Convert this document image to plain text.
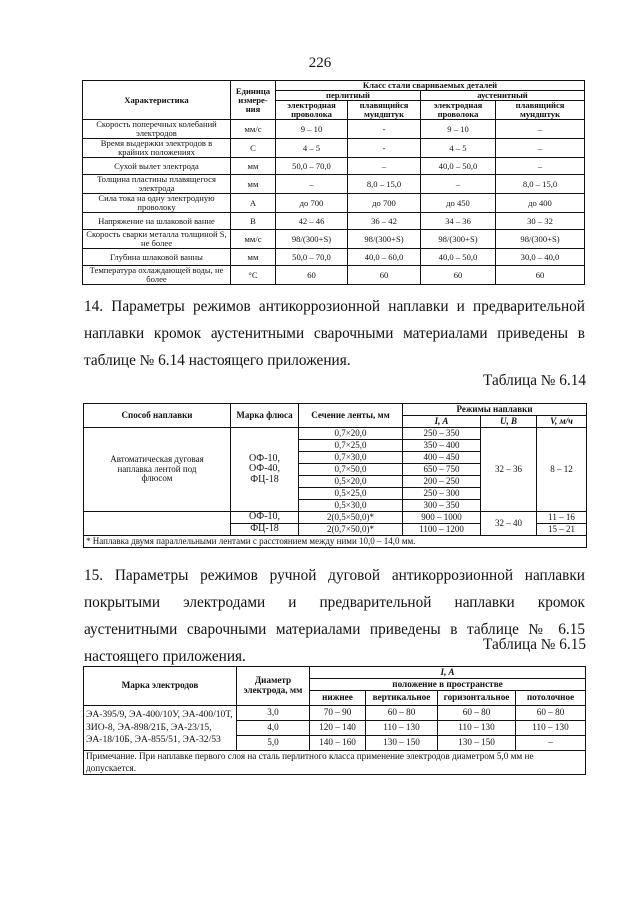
226
Характеристика	Единица измере-ния	Класс стали свариваемых деталей			
		перлитный		аустенитный	
		электродная проволока	плавящийся мундштук	электродная проволока	плавящийся мундштук
Скорость поперечных колебаний электродов	мм/с	9 – 10	-	9 – 10	–
Время выдержки электродов в крайних положениях	С	4 – 5	-	4 – 5	–
Сухой вылет электрода	мм	50,0 – 70,0	–	40,0 – 50,0	–
Толщина пластины плавящегося электрода	мм	–	8,0 – 15,0	–	8,0 – 15,0
Сила тока на одну электродную проволоку	А	до 700	до 700	до 450	до 400
Напряжение на шлаковой ванне	В	42 – 46	36 – 42	34 – 36	30 – 32
Скорость сварки металла толщиной S, не более	мм/с	98/(300+S)	98/(300+S)	98/(300+S)	98/(300+S)
Глубина шлаковой ванны	мм	50,0 – 70,0	40,0 – 60,0	40,0 – 50,0	30,0 – 40,0
Температура охлаждающей воды, не более	°С	60	60	60	60
14. Параметры режимов антикоррозионной наплавки и предварительной наплавки кромок аустенитными сварочными материалами приведены в таблице № 6.14 настоящего приложения.
Таблица № 6.14
Способ наплавки	Марка флюса	Сечение ленты, мм	Режимы наплавки		
			I, A	U, B	V, м/ч
Автоматическая дуговая наплавка лентой под флюсом	ОФ-10, ОФ-40, ФЦ-18	0,7×20,0	250 – 350	32 – 36	8 – 12
		0,7×25,0	350 – 400		
		0,7×30,0	400 – 450		
		0,7×50,0	650 – 750		
		0,5×20,0	200 – 250		
		0,5×25,0	250 – 300		
		0,5×30,0	300 – 350		
	ОФ-10,	2(0,5×50,0)*	900 – 1000	32 – 40	11 – 16
	ФЦ-18	2(0,7×50,0)*	1100 – 1200		15 – 21
* Наплавка двумя параллельными лентами с расстоянием между ними 10,0 – 14,0 мм.					
15. Параметры режимов ручной дуговой антикоррозионной наплавки покрытыми электродами и предварительной наплавки кромок аустенитными сварочными материалами приведены в таблице № 6.15 настоящего приложения.
Таблица № 6.15
Марка электродов	Диаметр электрода, мм	I, A			
		положение в пространстве			
		нижнее	вертикальное	горизонтальное	потолочное
ЭА-395/9, ЭА-400/10У, ЭА-400/10Т, ЗИО-8, ЭА-898/21Б, ЭА-23/15, ЭА-18/10Б, ЭА-855/51, ЭА-32/53	3,0	70 – 90	60 – 80	60 – 80	60 – 80
	4,0	120 – 140	110 – 130	110 – 130	110 – 130
	5,0	140 – 160	130 – 150	130 – 150	–
Примечание. При наплавке первого слоя на сталь перлитного класса применение электродов диаметром 5,0 мм не допускается.					
